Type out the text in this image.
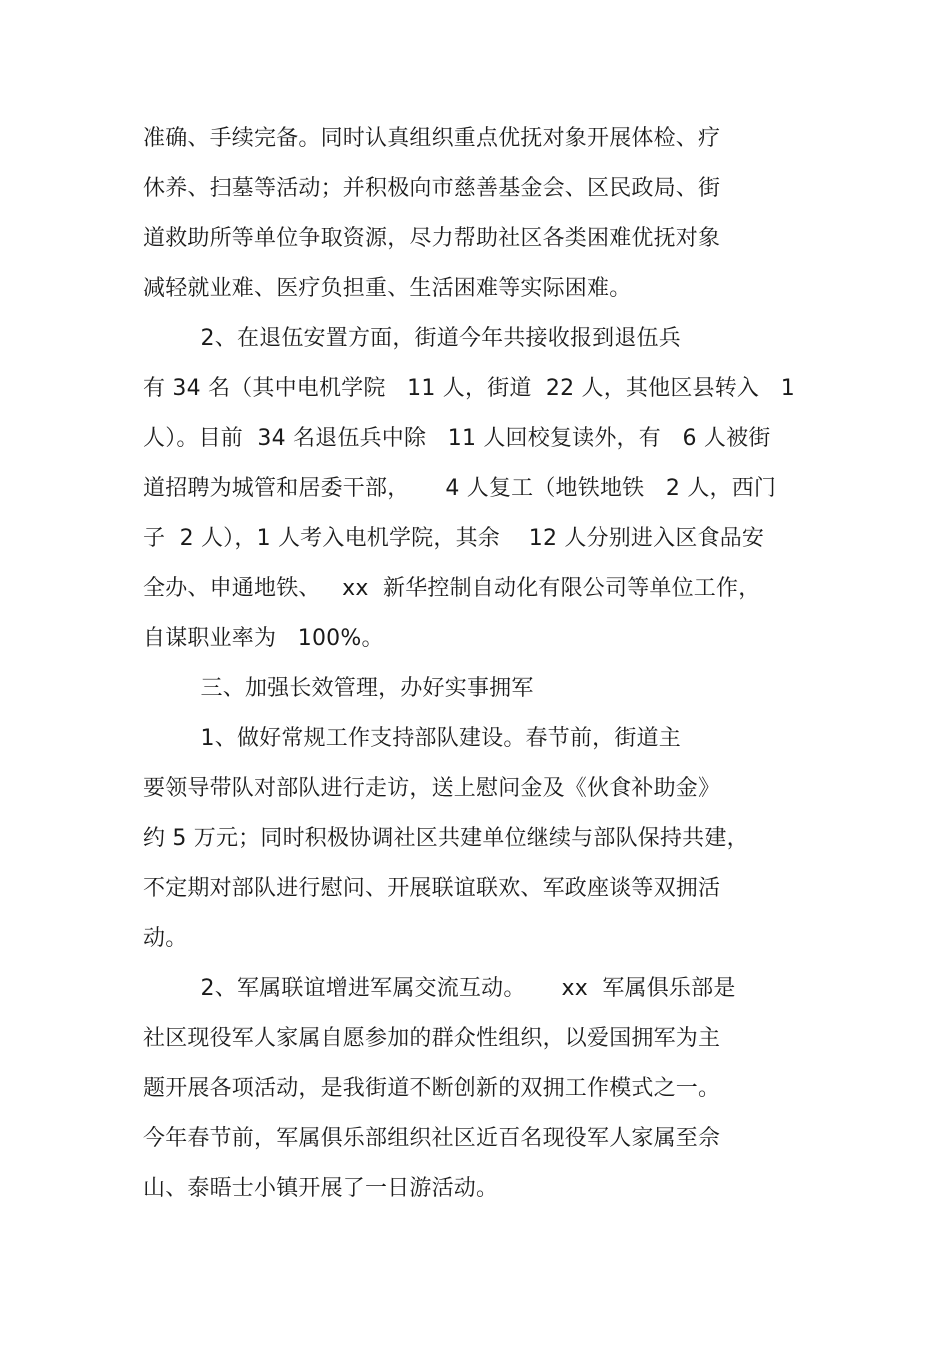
准确、手续完备。同时认真组织重点优抚对象开展体检、疗
休养、扫墓等活动；并积极向市慈善基金会、区民政局、街
道救助所等单位争取资源，尽力帮助社区各类困难优抚对象
减轻就业难、医疗负担重、生活困难等实际困难。
2、在退伍安置方面，街道今年共接收报到退伍兵
有 34 名（其中电机学院   11 人，街道  22 人，其他区县转入   1
人）。目前  34 名退伍兵中除   11 人回校复读外，有   6 人被街
道招聘为城管和居委干部，     4 人复工（地铁地铁   2 人，西门
子  2 人），1 人考入电机学院，其余    12 人分别进入区食品安
全办、申通地铁、   xx  新华控制自动化有限公司等单位工作，
自谋职业率为   100%。
三、加强长效管理，办好实事拥军
1、做好常规工作支持部队建设。春节前，街道主
要领导带队对部队进行走访，送上慰问金及《伙食补助金》
约 5 万元；同时积极协调社区共建单位继续与部队保持共建，
不定期对部队进行慰问、开展联谊联欢、军政座谈等双拥活
动。
2、军属联谊增进军属交流互动。     xx  军属俱乐部是
社区现役军人家属自愿参加的群众性组织，以爱国拥军为主
题开展各项活动，是我街道不断创新的双拥工作模式之一。
今年春节前，军属俱乐部组织社区近百名现役军人家属至佘
山、泰晤士小镇开展了一日游活动。
